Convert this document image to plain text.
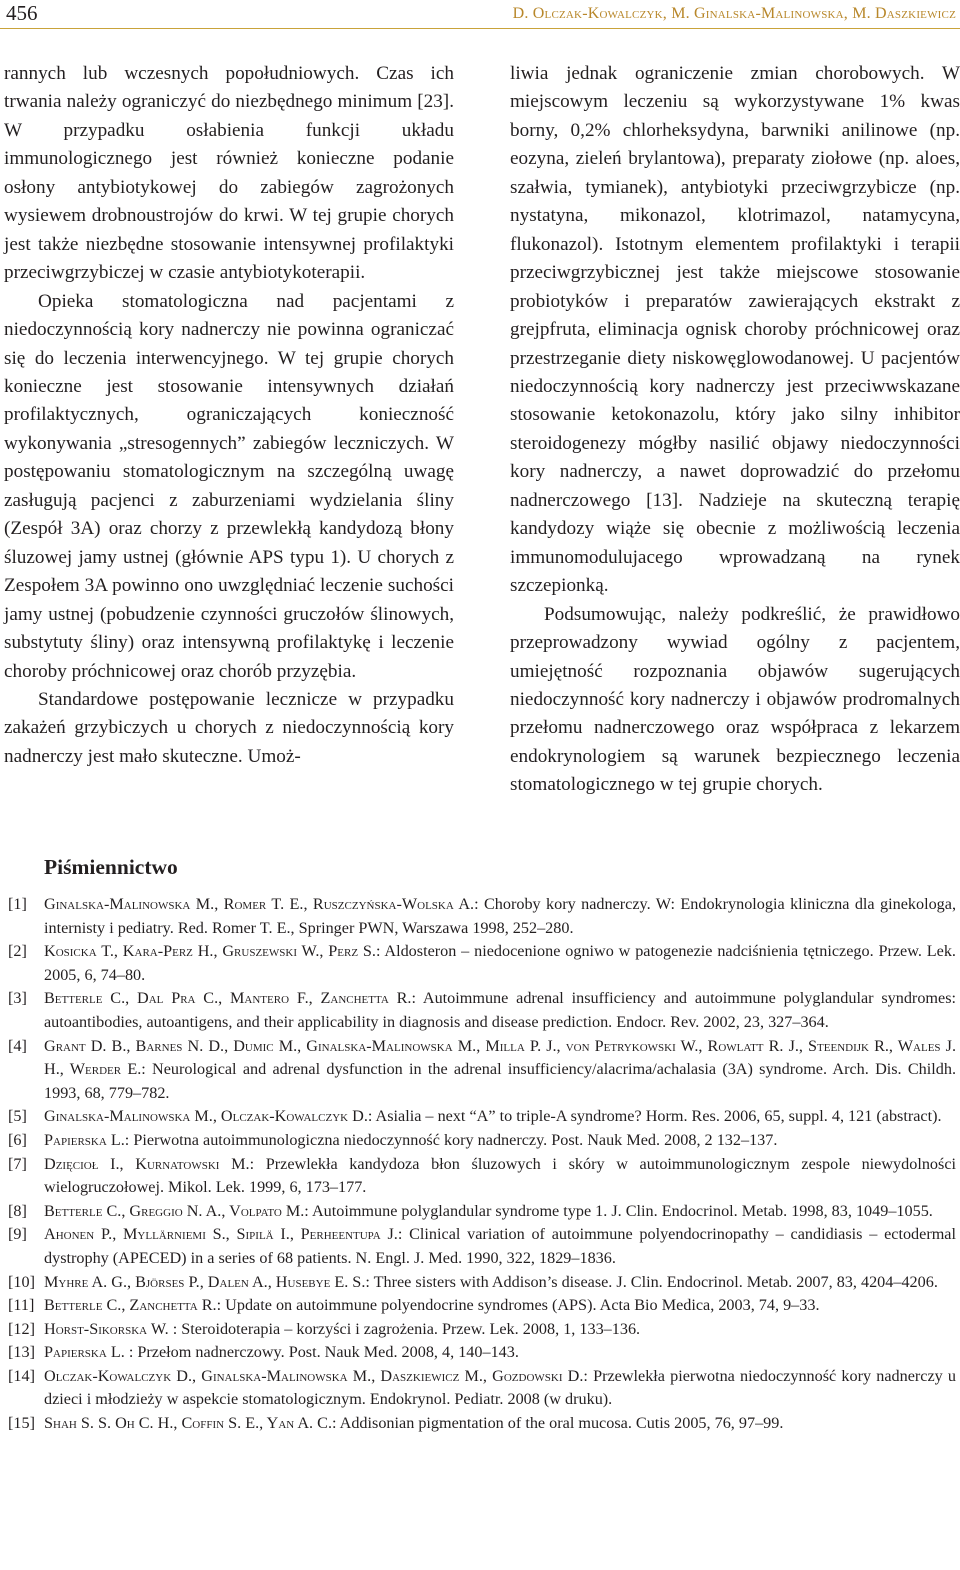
456	D. Olczak-Kowalczyk, M. Ginalska-Malinowska, M. Daszkiewicz

rannych lub wczesnych popołudniowych. Czas ich trwania należy ograniczyć do niezbędnego minimum [23]. W przypadku osłabienia funkcji układu immunologicznego jest również konieczne podanie osłony antybiotykowej do zabiegów zagrożonych wysiewem drobnoustrojów do krwi. W tej grupie chorych jest także niezbędne stosowanie intensywnej profilaktyki przeciwgrzybiczej w czasie antybiotykoterapii.

Opieka stomatologiczna nad pacjentami z niedoczynnością kory nadnerczy nie powinna ograniczać się do leczenia interwencyjnego. W tej grupie chorych konieczne jest stosowanie intensywnych działań profilaktycznych, ograniczających konieczność wykonywania „stresogennych” zabiegów leczniczych. W postępowaniu stomatologicznym na szczególną uwagę zasługują pacjenci z zaburzeniami wydzielania śliny (Zespół 3A) oraz chorzy z przewlekłą kandydozą błony śluzowej jamy ustnej (głównie APS typu 1). U chorych z Zespołem 3A powinno ono uwzględniać leczenie suchości jamy ustnej (pobudzenie czynności gruczołów ślinowych, substytuty śliny) oraz intensywną profilaktykę i leczenie choroby próchnicowej oraz chorób przyzębia.

Standardowe postępowanie lecznicze w przypadku zakażeń grzybiczych u chorych z niedoczynnością kory nadnerczy jest mało skuteczne. Umoż-

liwia jednak ograniczenie zmian chorobowych. W miejscowym leczeniu są wykorzystywane 1% kwas borny, 0,2% chlorheksydyna, barwniki anilinowe (np. eozyna, zieleń brylantowa), preparaty ziołowe (np. aloes, szałwia, tymianek), antybiotyki przeciwgrzybicze (np. nystatyna, mikonazol, klotrimazol, natamycyna, flukonazol). Istotnym elementem profilaktyki i terapii przeciwgrzybicznej jest także miejscowe stosowanie probiotyków i preparatów zawierających ekstrakt z grejpfruta, eliminacja ognisk choroby próchnicowej oraz przestrzeganie diety niskowęglowodanowej. U pacjentów niedoczynnością kory nadnerczy jest przeciwwskazane stosowanie ketokonazolu, który jako silny inhibitor steroidogenezy mógłby nasilić objawy niedoczynności kory nadnerczy, a nawet doprowadzić do przełomu nadnerczowego [13]. Nadzieje na skuteczną terapię kandydozy wiąże się obecnie z możliwością leczenia immunomodulujacego wprowadzaną na rynek szczepionką.

Podsumowując, należy podkreślić, że prawidłowo przeprowadzony wywiad ogólny z pacjentem, umiejętność rozpoznania objawów sugerujących niedoczynność kory nadnerczy i objawów prodromalnych przełomu nadnerczowego oraz współpraca z lekarzem endokrynologiem są warunek bezpiecznego leczenia stomatologicznego w tej grupie chorych.

Piśmiennictwo
[1] Ginalska-Malinowska M., Romer T. E., Ruszczyńska-Wolska A.: Choroby kory nadnerczy. W: Endokrynologia kliniczna dla ginekologa, internisty i pediatry. Red. Romer T. E., Springer PWN, Warszawa 1998, 252–280.
[2] Kosicka T., Kara-Perz H., Gruszewski W., Perz S.: Aldosteron – niedocenione ogniwo w patogenezie nadciśnienia tętniczego. Przew. Lek. 2005, 6, 74–80.
[3] Betterle C., Dal Pra C., Mantero F., Zanchetta R.: Autoimmune adrenal insufficiency and autoimmune polyglandular syndromes: autoantibodies, autoantigens, and their applicability in diagnosis and disease prediction. Endocr. Rev. 2002, 23, 327–364.
[4] Grant D. B., Barnes N. D., Dumic M., Ginalska-Malinowska M., Milla P. J., von Petrykowski W., Rowlatt R. J., Steendijk R., Wales J. H., Werder E.: Neurological and adrenal dysfunction in the adrenal insufficiency/alacrima/achalasia (3A) syndrome. Arch. Dis. Childh. 1993, 68, 779–782.
[5] Ginalska-Malinowska M., Olczak-Kowalczyk D.: Asialia – next “A” to triple-A syndrome? Horm. Res. 2006, 65, suppl. 4, 121 (abstract).
[6] Papierska L.: Pierwotna autoimmunologiczna niedoczynność kory nadnerczy. Post. Nauk Med. 2008, 2 132–137.
[7] Dzięcioł I., Kurnatowski M.: Przewlekła kandydoza błon śluzowych i skóry w autoimmunologicznym zespole niewydolności wielogruczołowej. Mikol. Lek. 1999, 6, 173–177.
[8] Betterle C., Greggio N. A., Volpato M.: Autoimmune polyglandular syndrome type 1. J. Clin. Endocrinol. Metab. 1998, 83, 1049–1055.
[9] Ahonen P., Myllärniemi S., Sipilä I., Perheentupa J.: Clinical variation of autoimmune polyendocrinopathy – candidiasis – ectodermal dystrophy (APECED) in a series of 68 patients. N. Engl. J. Med. 1990, 322, 1829–1836.
[10] Myhre A. G., Björses P., Dalen A., Husebye E. S.: Three sisters with Addison’s disease. J. Clin. Endocrinol. Metab. 2007, 83, 4204–4206.
[11] Betterle C., Zanchetta R.: Update on autoimmune polyendocrine syndromes (APS). Acta Bio Medica, 2003, 74, 9–33.
[12] Horst-Sikorska W. : Steroidoterapia – korzyści i zagrożenia. Przew. Lek. 2008, 1, 133–136.
[13] Papierska L. : Przełom nadnerczowy. Post. Nauk Med. 2008, 4, 140–143.
[14] Olczak-Kowalczyk D., Ginalska-Malinowska M., Daszkiewicz M., Gozdowski D.: Przewlekła pierwotna niedoczynność kory nadnerczy u dzieci i młodzieży w aspekcie stomatologicznym. Endokrynol. Pediatr. 2008 (w druku).
[15] Shah S. S. Oh C. H., Coffin S. E., Yan A. C.: Addisonian pigmentation of the oral mucosa. Cutis 2005, 76, 97–99.
